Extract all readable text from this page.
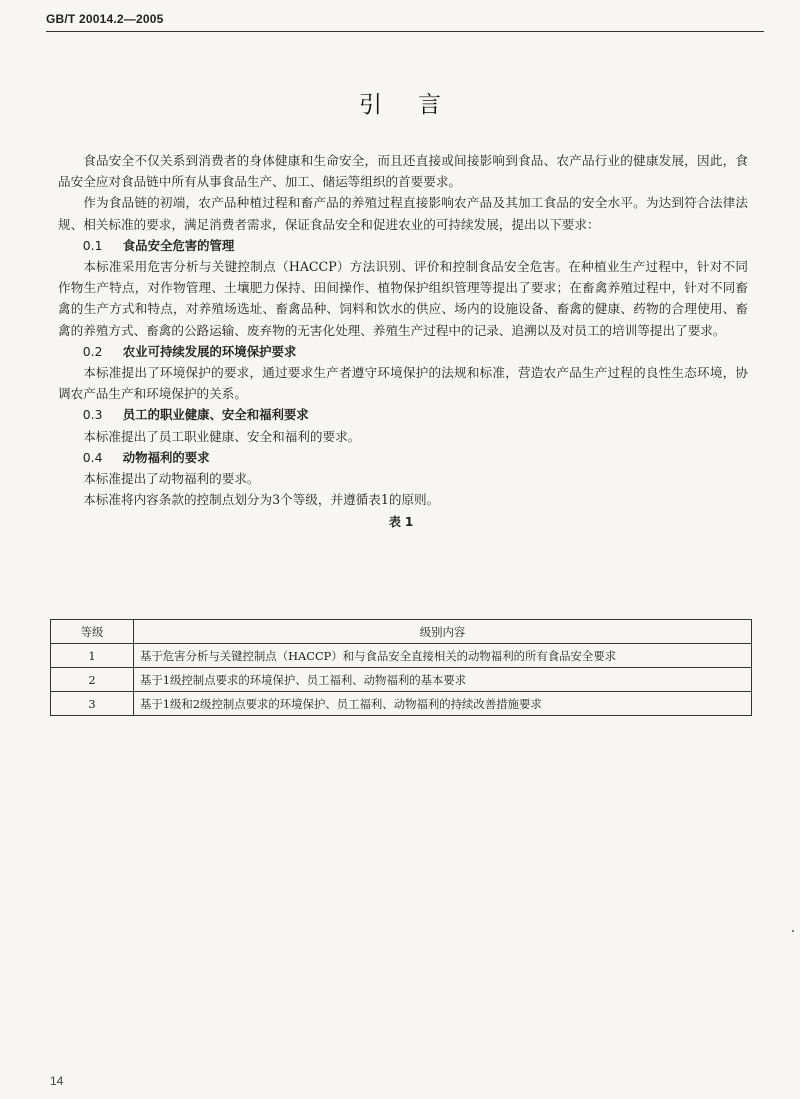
GB/T 20014.2—2005
引言

食品安全不仅关系到消费者的身体健康和生命安全，而且还直接或间接影响到食品、农产品行业的健康发展，因此，食品安全应对食品链中所有从事食品生产、加工、储运等组织的首要要求。

作为食品链的初端，农产品种植过程和畜产品的养殖过程直接影响农产品及其加工食品的安全水平。为达到符合法律法规、相关标准的要求，满足消费者需求，保证食品安全和促进农业的可持续发展，提出以下要求：

0.1 食品安全危害的管理

本标准采用危害分析与关键控制点（HACCP）方法识别、评价和控制食品安全危害。在种植业生产过程中，针对不同作物生产特点，对作物管理、土壤肥力保持、田间操作、植物保护组织管理等提出了要求；在畜禽养殖过程中，针对不同畜禽的生产方式和特点，对养殖场选址、畜禽品种、饲料和饮水的供应、场内的设施设备、畜禽的健康、药物的合理使用、畜禽的养殖方式、畜禽的公路运输、废弃物的无害化处理、养殖生产过程中的记录、追溯以及对员工的培训等提出了要求。

0.2 农业可持续发展的环境保护要求

本标准提出了环境保护的要求，通过要求生产者遵守环境保护的法规和标准，营造农产品生产过程的良性生态环境，协调农产品生产和环境保护的关系。

0.3 员工的职业健康、安全和福利要求

本标准提出了员工职业健康、安全和福利的要求。

0.4 动物福利的要求

本标准提出了动物福利的要求。

本标准将内容条款的控制点划分为3个等级，并遵循表1的原则。

表1

等级	级别内容
1	基于危害分析与关键控制点（HACCP）和与食品安全直接相关的动物福利的所有食品安全要求
2	基于1级控制点要求的环境保护、员工福利、动物福利的基本要求
3	基于1级和2级控制点要求的环境保护、员工福利、动物福利的持续改善措施要求
14
